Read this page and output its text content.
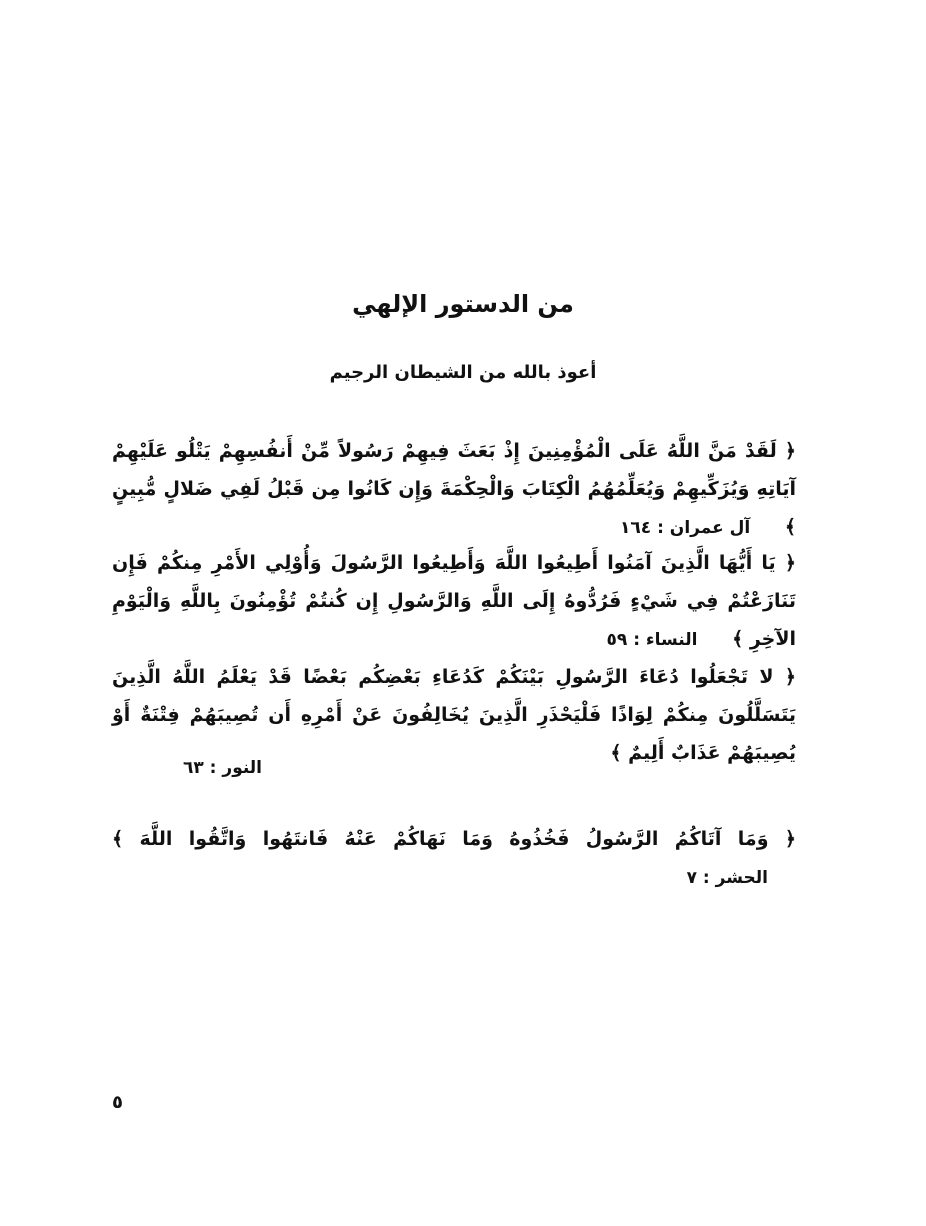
من الدستور الإلهي
أعوذ بالله من الشيطان الرجيم
﴿ لَقَدْ مَنَّ اللَّهُ عَلَى الْمُؤْمِنِينَ إِذْ بَعَثَ فِيهِمْ رَسُولاً مِّنْ أَنفُسِهِمْ يَتْلُو عَلَيْهِمْ آيَاتِهِ وَيُزَكِّيهِمْ وَيُعَلِّمُهُمُ الْكِتَابَ وَالْحِكْمَةَ وَإِن كَانُوا مِن قَبْلُ لَفِي ضَلالٍ مُّبِينٍ ﴾ آل عمران : ١٦٤
﴿ يَا أَيُّهَا الَّذِينَ آمَنُوا أَطِيعُوا اللَّهَ وَأَطِيعُوا الرَّسُولَ وَأُوْلِي الأَمْرِ مِنكُمْ فَإِن تَنَازَعْتُمْ فِي شَيْءٍ فَرُدُّوهُ إِلَى اللَّهِ وَالرَّسُولِ إِن كُنتُمْ تُؤْمِنُونَ بِاللَّهِ وَالْيَوْمِ الآخِرِ ﴾ النساء : ٥٩
﴿ لا تَجْعَلُوا دُعَاءَ الرَّسُولِ بَيْنَكُمْ كَدُعَاءِ بَعْضِكُم بَعْضًا قَدْ يَعْلَمُ اللَّهُ الَّذِينَ يَتَسَلَّلُونَ مِنكُمْ لِوَاذًا فَلْيَحْذَرِ الَّذِينَ يُخَالِفُونَ عَنْ أَمْرِهِ أَن تُصِيبَهُمْ فِتْنَةٌ أَوْ يُصِيبَهُمْ عَذَابٌ أَلِيمٌ ﴾
النور : ٦٣
﴿ وَمَا آتَاكُمُ الرَّسُولُ فَخُذُوهُ وَمَا نَهَاكُمْ عَنْهُ فَانتَهُوا وَاتَّقُوا اللَّهَ ﴾ الحشر : ٧
٥
